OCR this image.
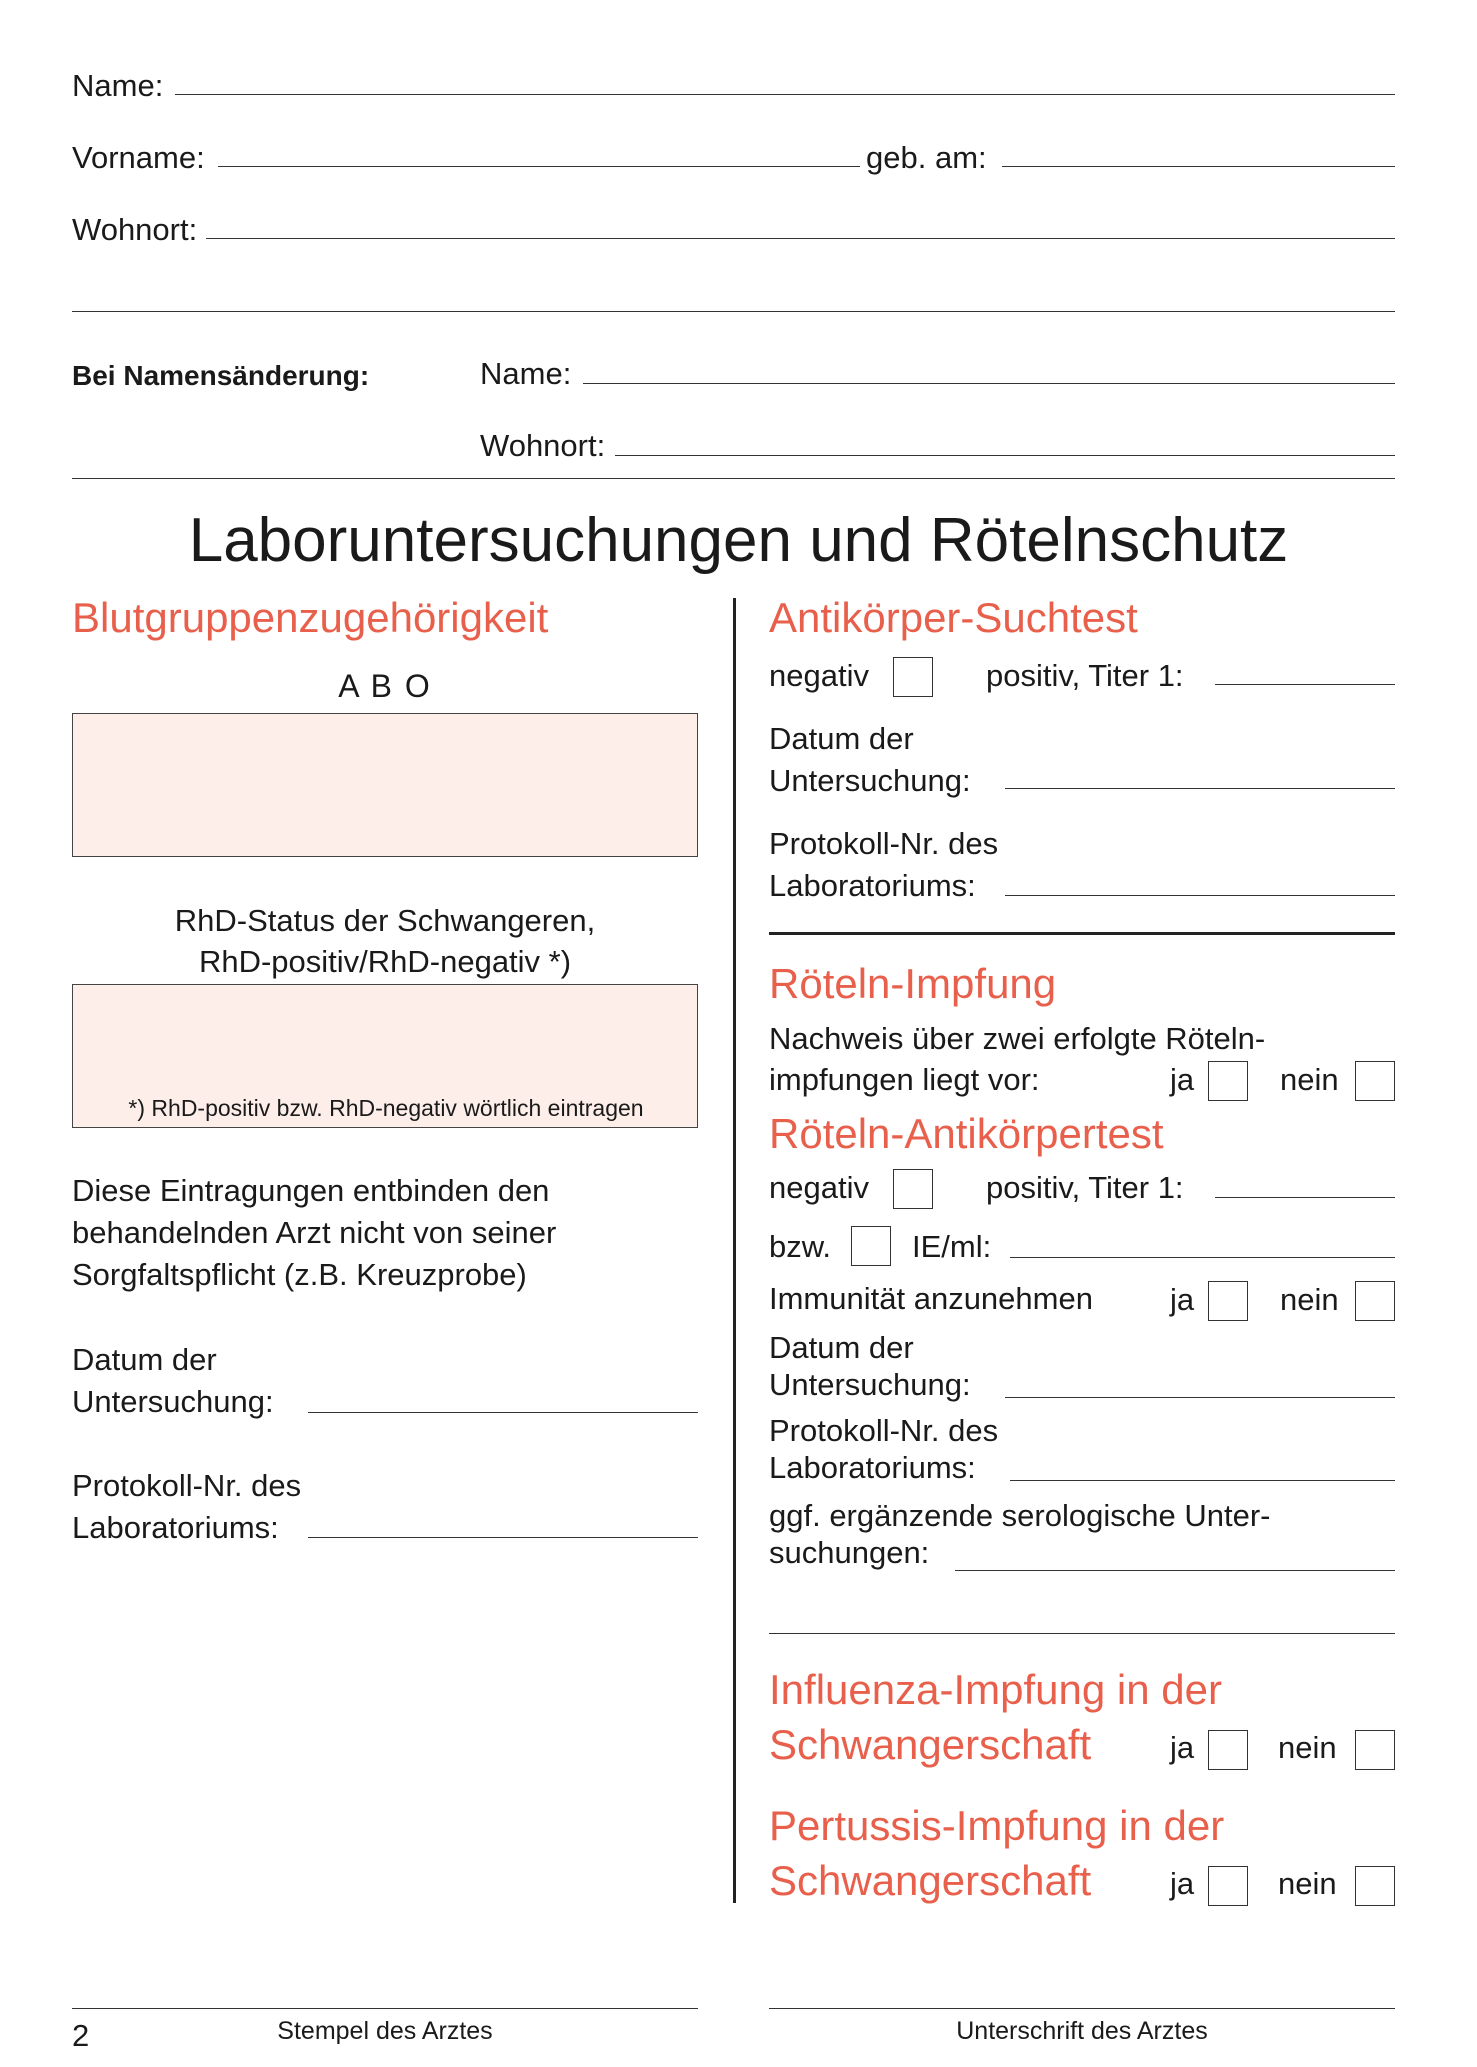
Name:
Vorname:	geb. am:
Wohnort:
Bei Namensänderung:	Name:
Wohnort:
Laboruntersuchungen und Rötelnschutz
Blutgruppenzugehörigkeit
A B O
RhD-Status der Schwangeren,
RhD-positiv/RhD-negativ *)
*) RhD-positiv bzw. RhD-negativ wörtlich eintragen
Diese Eintragungen entbinden den
behandelnden Arzt nicht von seiner
Sorgfaltspflicht (z.B. Kreuzprobe)
Datum der
Untersuchung:
Protokoll-Nr. des
Laboratoriums:
Antikörper-Suchtest
negativ	positiv, Titer 1:
Datum der
Untersuchung:
Protokoll-Nr. des
Laboratoriums:
Röteln-Impfung
Nachweis über zwei erfolgte Röteln-
impfungen liegt vor:	ja	nein
Röteln-Antikörpertest
negativ	positiv, Titer 1:
bzw.	IE/ml:
Immunität anzunehmen ja	nein
Datum der
Untersuchung:
Protokoll-Nr. des
Laboratoriums:
ggf. ergänzende serologische Unter-
suchungen:
Influenza-Impfung in der
Schwangerschaft	ja	nein
Pertussis-Impfung in der
Schwangerschaft	ja	nein
2	Stempel des Arztes	Unterschrift des Arztes
